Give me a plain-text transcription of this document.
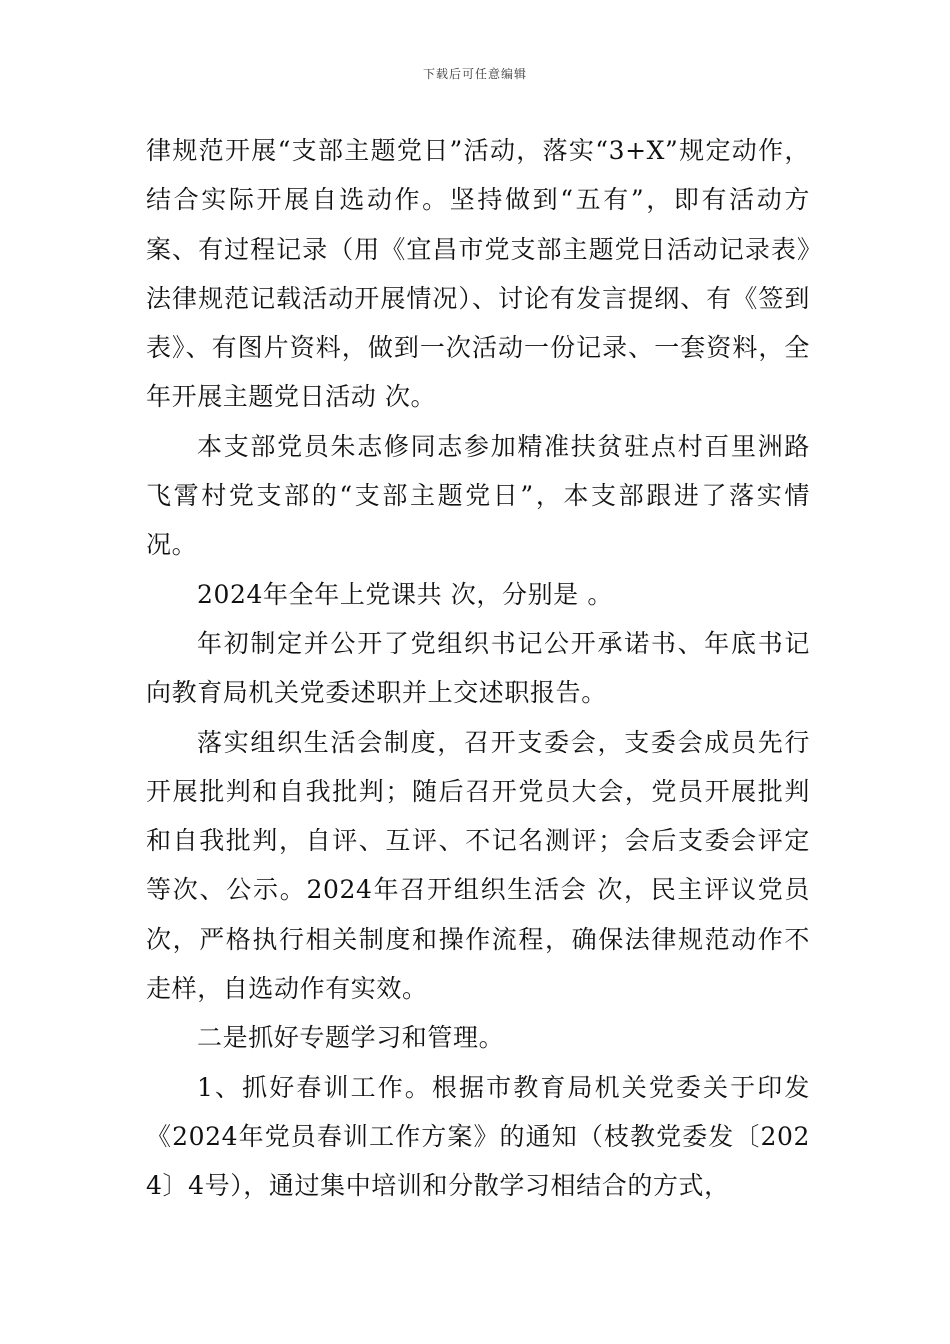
下载后可任意编辑

律规范开展“支部主题党日”活动，落实“3+X”规定动作，结合实际开展自选动作。坚持做到“五有”，即有活动方案、有过程记录（用《宜昌市党支部主题党日活动记录表》法律规范记载活动开展情况）、讨论有发言提纲、有《签到表》、有图片资料，做到一次活动一份记录、一套资料，全年开展主题党日活动 次。

本支部党员朱志修同志参加精准扶贫驻点村百里洲路飞霄村党支部的“支部主题党日”，本支部跟进了落实情况。

2024年全年上党课共 次，分别是 。

年初制定并公开了党组织书记公开承诺书、年底书记向教育局机关党委述职并上交述职报告。

落实组织生活会制度，召开支委会，支委会成员先行开展批判和自我批判；随后召开党员大会，党员开展批判和自我批判，自评、互评、不记名测评；会后支委会评定等次、公示。2024年召开组织生活会 次，民主评议党员 次，严格执行相关制度和操作流程，确保法律规范动作不走样，自选动作有实效。

二是抓好专题学习和管理。

1、抓好春训工作。根据市教育局机关党委关于印发《2024年党员春训工作方案》的通知（枝教党委发〔2024〕4号），通过集中培训和分散学习相结合的方式，
